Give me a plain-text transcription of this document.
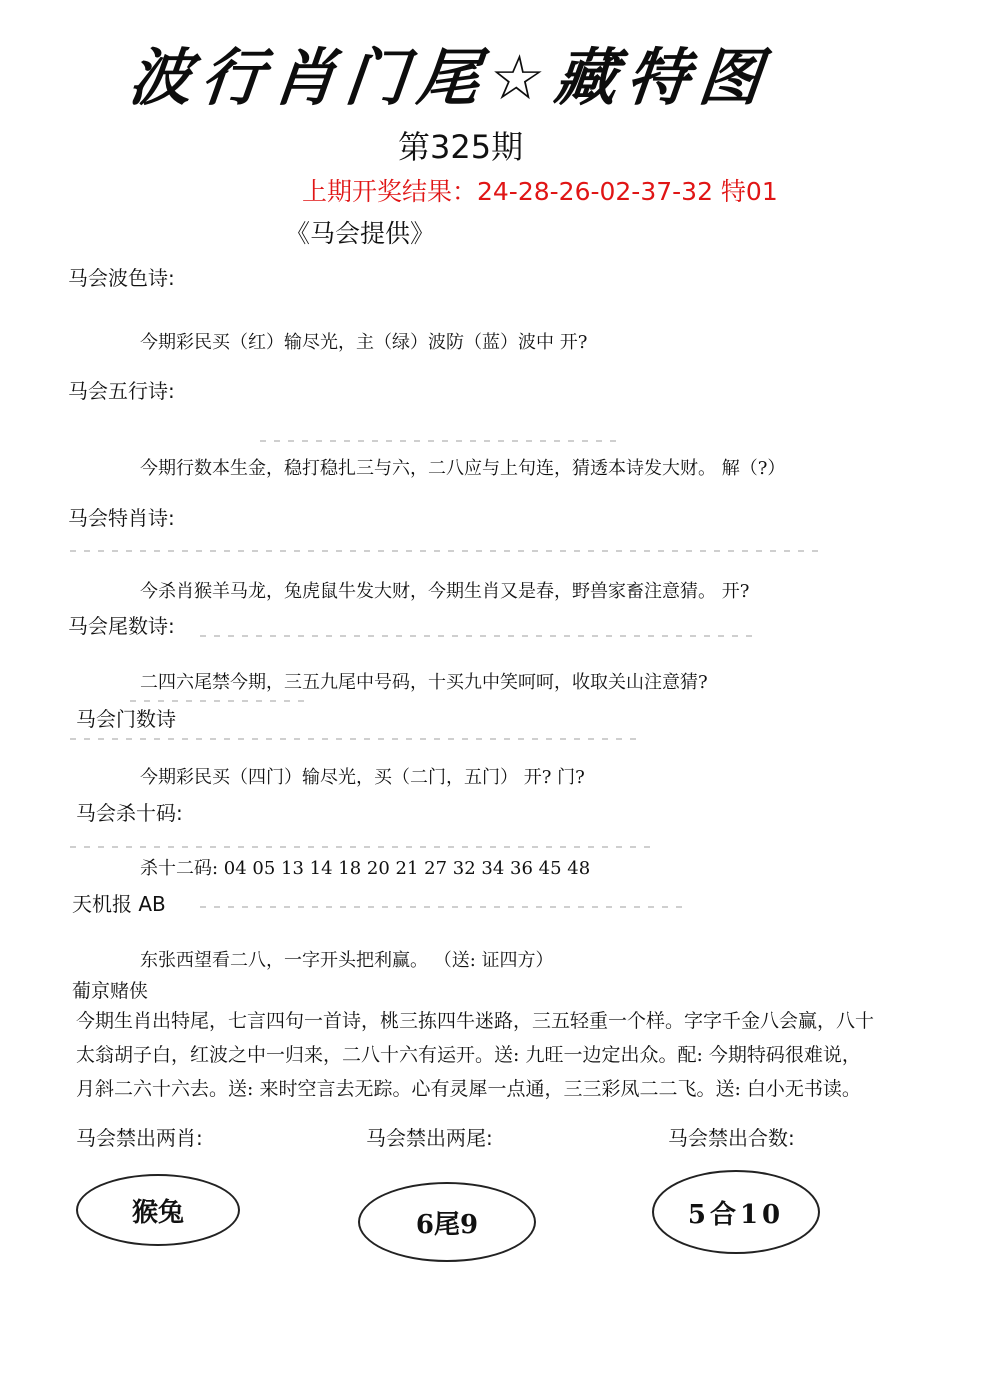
波行肖门尾☆藏特图
第325期
上期开奖结果：24-28-26-02-37-32 特01
《马会提供》
马会波色诗:
今期彩民买（红）输尽光，主（绿）波防（蓝）波中 开?
马会五行诗:
今期行数本生金，稳打稳扎三与六，二八应与上句连，猜透本诗发大财。 解（?）
马会特肖诗:
今杀肖猴羊马龙，兔虎鼠牛发大财，今期生肖又是春，野兽家畜注意猜。 开?
马会尾数诗:
二四六尾禁今期，三五九尾中号码，十买九中笑呵呵，收取关山注意猜?
马会门数诗
今期彩民买（四门）输尽光，买（二门，五门） 开? 门?
马会杀十码:
杀十二码: 04 05 13 14 18 20 21 27 32 34 36 45 48
天机报 AB
东张西望看二八，一字开头把利赢。 （送: 证四方）
葡京赌侠
今期生肖出特尾，七言四句一首诗，桃三拣四牛迷路，三五轻重一个样。字字千金八会赢，八十
太翁胡子白，红波之中一归来，二八十六有运开。送: 九旺一边定出众。配: 今期特码很难说，
月斜二六十六去。送: 来时空言去无踪。心有灵犀一点通，三三彩凤二二飞。送: 白小无书读。
马会禁出两肖:	马会禁出两尾:	马会禁出合数:
猴兔	6尾9	5合10
